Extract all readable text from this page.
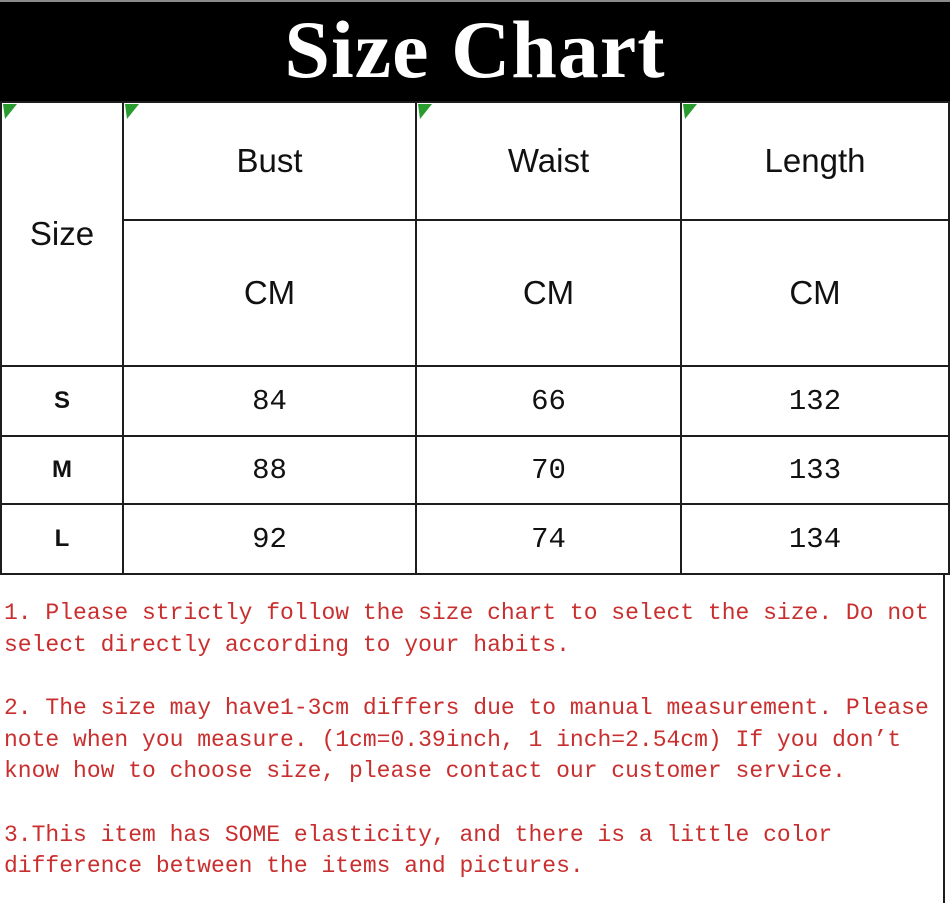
Size Chart
Size	Bust	Waist	Length
	CM	CM	CM
S	84	66	132
M	88	70	133
L	92	74	134
1. Please strictly follow the size chart to select the size. Do not
select directly according to your habits.
2. The size may have1-3cm differs due to manual measurement. Please
note when you measure. (1cm=0.39inch, 1 inch=2.54cm) If you don’t
know how to choose size, please contact our customer service.
3.This item has SOME elasticity, and there is a little color
difference between the items and pictures.
